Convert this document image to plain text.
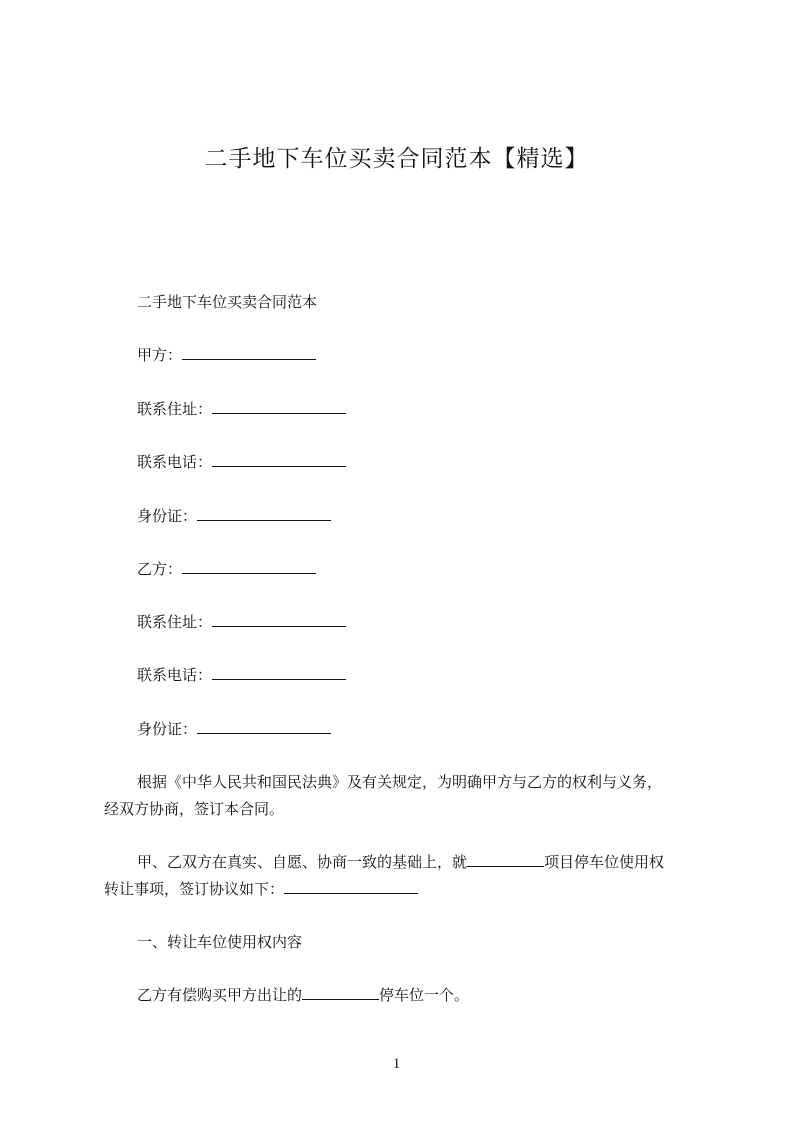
二手地下车位买卖合同范本【精选】
二手地下车位买卖合同范本
甲方：
联系住址：
联系电话：
身份证：
乙方：
联系住址：
联系电话：
身份证：
根据《中华人民共和国民法典》及有关规定，为明确甲方与乙方的权利与义务，
经双方协商，签订本合同。
甲、乙双方在真实、自愿、协商一致的基础上，就	项目停车位使用权
转让事项，签订协议如下：
一、转让车位使用权内容
乙方有偿购买甲方出让的	停车位一个。
1
